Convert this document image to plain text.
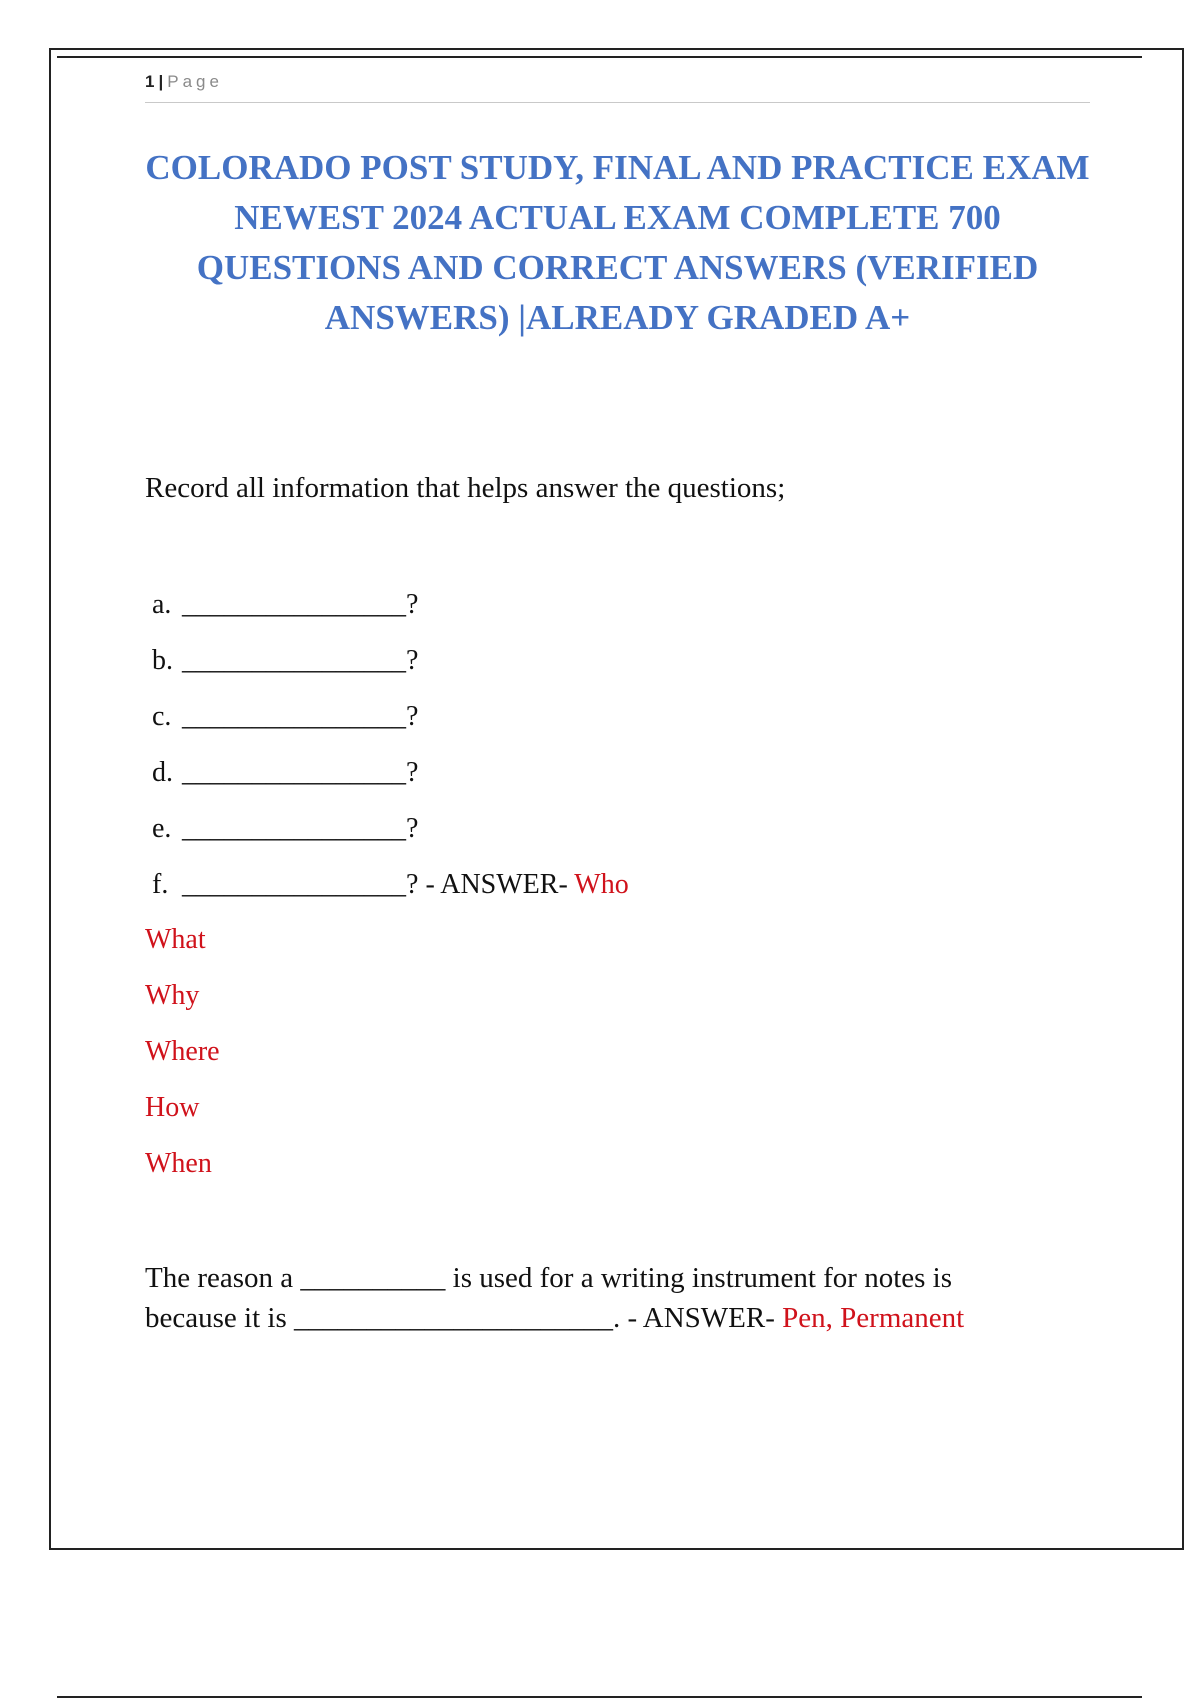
1 | Page
COLORADO POST STUDY, FINAL AND PRACTICE EXAM NEWEST 2024 ACTUAL EXAM COMPLETE 700 QUESTIONS AND CORRECT ANSWERS (VERIFIED ANSWERS) |ALREADY GRADED A+

Record all information that helps answer the questions;

a. ________________?
b. ________________?
c. ________________?
d. ________________?
e. ________________?
f. ________________? - ANSWER- Who
What
Why
Where
How
When

The reason a __________ is used for a writing instrument for notes is because it is ______________________. - ANSWER- Pen, Permanent
